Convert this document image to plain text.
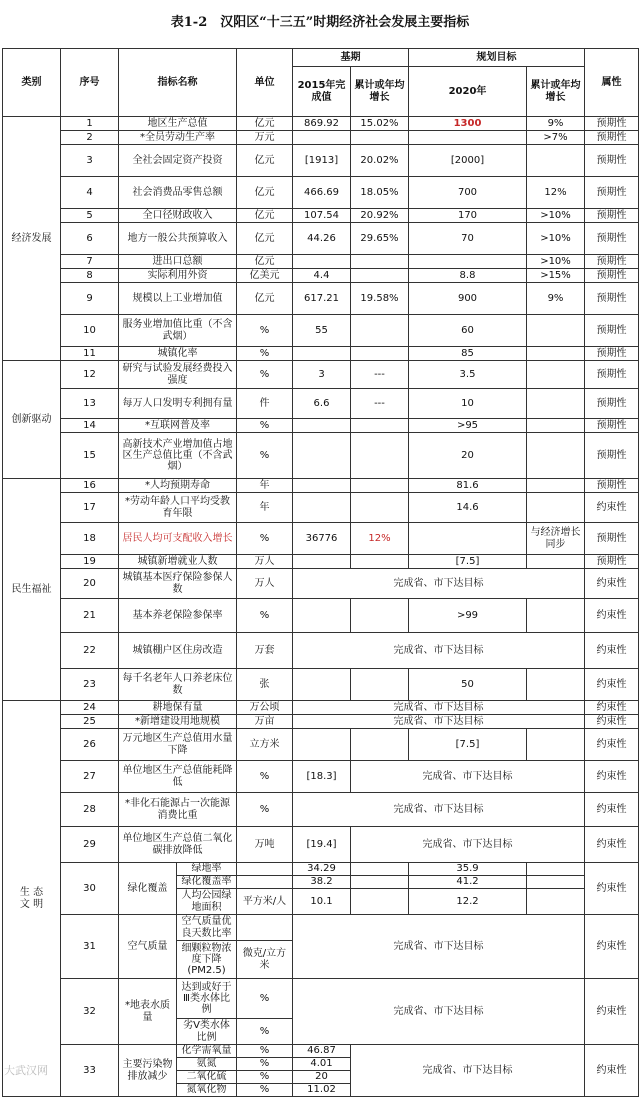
表1-2　汉阳区“十三五”时期经济社会发展主要指标
类别	序号	指标名称		单位	基期		规划目标		属性
					2015年完成值	累计或年均增长	2020年	累计或年均增长	
经济发展	1	地区生产总值		亿元	869.92	15.02%	1300	9%	预期性
	2	*全员劳动生产率		万元				>7%	预期性
	3	全社会固定资产投资		亿元	[1913]	20.02%	[2000]		预期性
	4	社会消费品零售总额		亿元	466.69	18.05%	700	12%	预期性
	5	全口径财政收入		亿元	107.54	20.92%	170	>10%	预期性
	6	地方一般公共预算收入		亿元	44.26	29.65%	70	>10%	预期性
	7	进出口总额		亿元				>10%	预期性
	8	实际利用外资		亿美元	4.4		8.8	>15%	预期性
	9	规模以上工业增加值		亿元	617.21	19.58%	900	9%	预期性
	10	服务业增加值比重（不含武烟）		%	55		60		预期性
	11	城镇化率		%			85		预期性
创新驱动	12	研究与试验发展经费投入强度		%	3	---	3.5		预期性
	13	每万人口发明专利拥有量		件	6.6	---	10		预期性
	14	*互联网普及率		%			>95		预期性
	15	高新技术产业增加值占地区生产总值比重（不含武烟）		%			20		预期性
民生福祉	16	*人均预期寿命		年			81.6		预期性
	17	*劳动年龄人口平均受教育年限		年			14.6		约束性
	18	居民人均可支配收入增长		%	36776	12%		与经济增长同步	预期性
	19	城镇新增就业人数		万人			[7.5]		预期性
	20	城镇基本医疗保险参保人数		万人	完成省、市下达目标				约束性
	21	基本养老保险参保率		%			>99		约束性
	22	城镇棚户区住房改造		万套	完成省、市下达目标				约束性
	23	每千名老年人口养老床位数		张			50		约束性
生 态 文 明	24	耕地保有量		万公顷	完成省、市下达目标				约束性
	25	*新增建设用地规模		万亩	完成省、市下达目标				约束性
	26	万元地区生产总值用水量下降		立方米			[7.5]		约束性
	27	单位地区生产总值能耗降低		%	[18.3]	完成省、市下达目标			约束性
	28	*非化石能源占一次能源消费比重		%	完成省、市下达目标				约束性
	29	单位地区生产总值二氧化碳排放降低		万吨	[19.4]	完成省、市下达目标			约束性
	30	绿化覆盖	绿地率		34.29		35.9		约束性
			绿化覆盖率		38.2		41.2		
			人均公园绿地面积	平方米/人	10.1		12.2		
	31	空气质量	空气质量优良天数比率		完成省、市下达目标				约束性
			细颗粒物浓度下降(PM2.5)	微克/立方米					
	32	*地表水质量	达到或好于Ⅲ类水体比例	%	完成省、市下达目标				约束性
			劣Ⅴ类水体比例	%					
	33	主要污染物排放减少	化学需氧量	%	46.87	完成省、市下达目标			约束性
			氨氮	%	4.01				
			二氧化硫	%	20				
			氮氧化物	%	11.02				
大武汉网
